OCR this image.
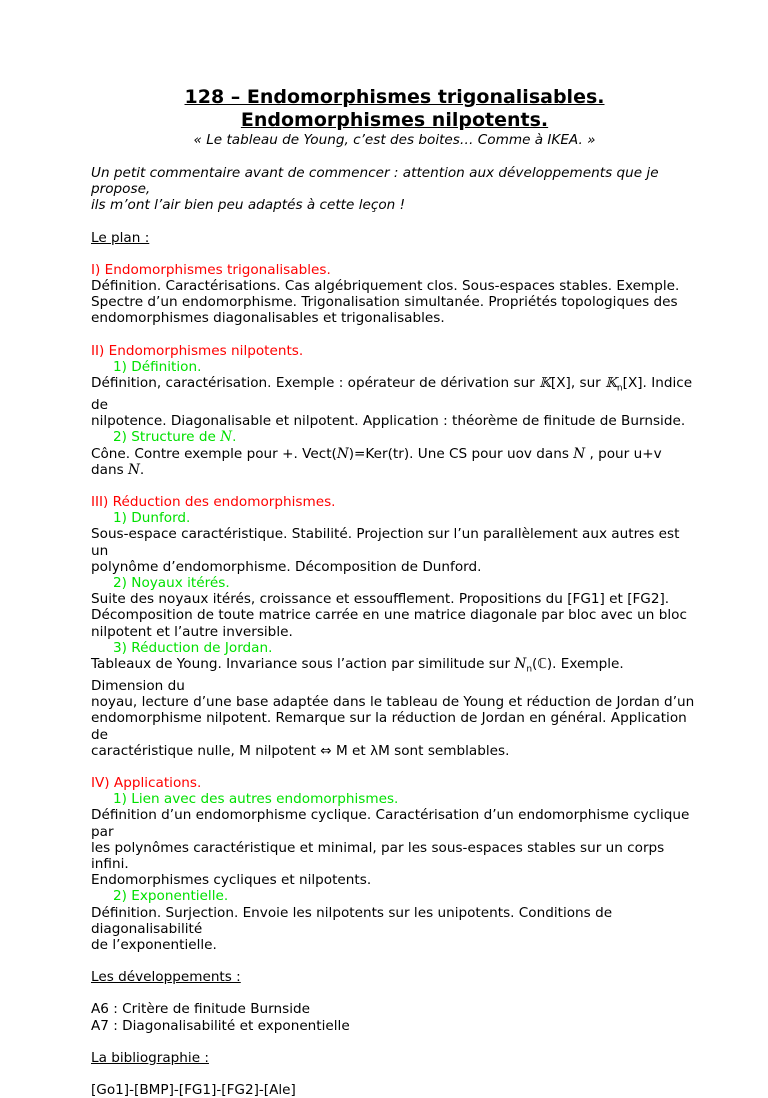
128 – Endomorphismes trigonalisables.

Endomorphismes nilpotents.

« Le tableau de Young, c’est des boites… Comme à IKEA. »

Un petit commentaire avant de commencer : attention aux développements que je propose,

ils m’ont l’air bien peu adaptés à cette leçon !

Le plan :

I) Endomorphismes trigonalisables.

Définition. Caractérisations. Cas algébriquement clos. Sous-espaces stables. Exemple.

Spectre d’un endomorphisme. Trigonalisation simultanée. Propriétés topologiques des

endomorphismes diagonalisables et trigonalisables.

II) Endomorphismes nilpotents.

1) Définition.

Définition, caractérisation. Exemple : opérateur de dérivation sur 𝕂[X], sur 𝕂$_n$[X]. Indice de

nilpotence. Diagonalisable et nilpotent. Application : théorème de finitude de Burnside.

2) Structure de 𝑁.

Cône. Contre exemple pour +. Vect(𝑁)=Ker(tr). Une CS pour uov dans 𝑁 , pour u+v dans 𝑁.

III) Réduction des endomorphismes.

1) Dunford.

Sous-espace caractéristique. Stabilité. Projection sur l’un parallèlement aux autres est un

polynôme d’endomorphisme. Décomposition de Dunford.

2) Noyaux itérés.

Suite des noyaux itérés, croissance et essoufflement. Propositions du [FG1] et [FG2].

Décomposition de toute matrice carrée en une matrice diagonale par bloc avec un bloc

nilpotent et l’autre inversible.

3) Réduction de Jordan.

Tableaux de Young. Invariance sous l’action par similitude sur 𝑁$_n$(ℂ). Exemple. Dimension du

noyau, lecture d’une base adaptée dans le tableau de Young et réduction de Jordan d’un

endomorphisme nilpotent. Remarque sur la réduction de Jordan en général. Application de

caractéristique nulle, M nilpotent ⇔ M et λM sont semblables.

IV) Applications.

1) Lien avec des autres endomorphismes.

Définition d’un endomorphisme cyclique. Caractérisation d’un endomorphisme cyclique par

les polynômes caractéristique et minimal, par les sous-espaces stables sur un corps infini.

Endomorphismes cycliques et nilpotents.

2) Exponentielle.

Définition. Surjection. Envoie les nilpotents sur les unipotents. Conditions de diagonalisabilité

de l’exponentielle.

Les développements :

A6 : Critère de finitude Burnside

A7 : Diagonalisabilité et exponentielle

La bibliographie :

[Go1]-[BMP]-[FG1]-[FG2]-[Ale]
